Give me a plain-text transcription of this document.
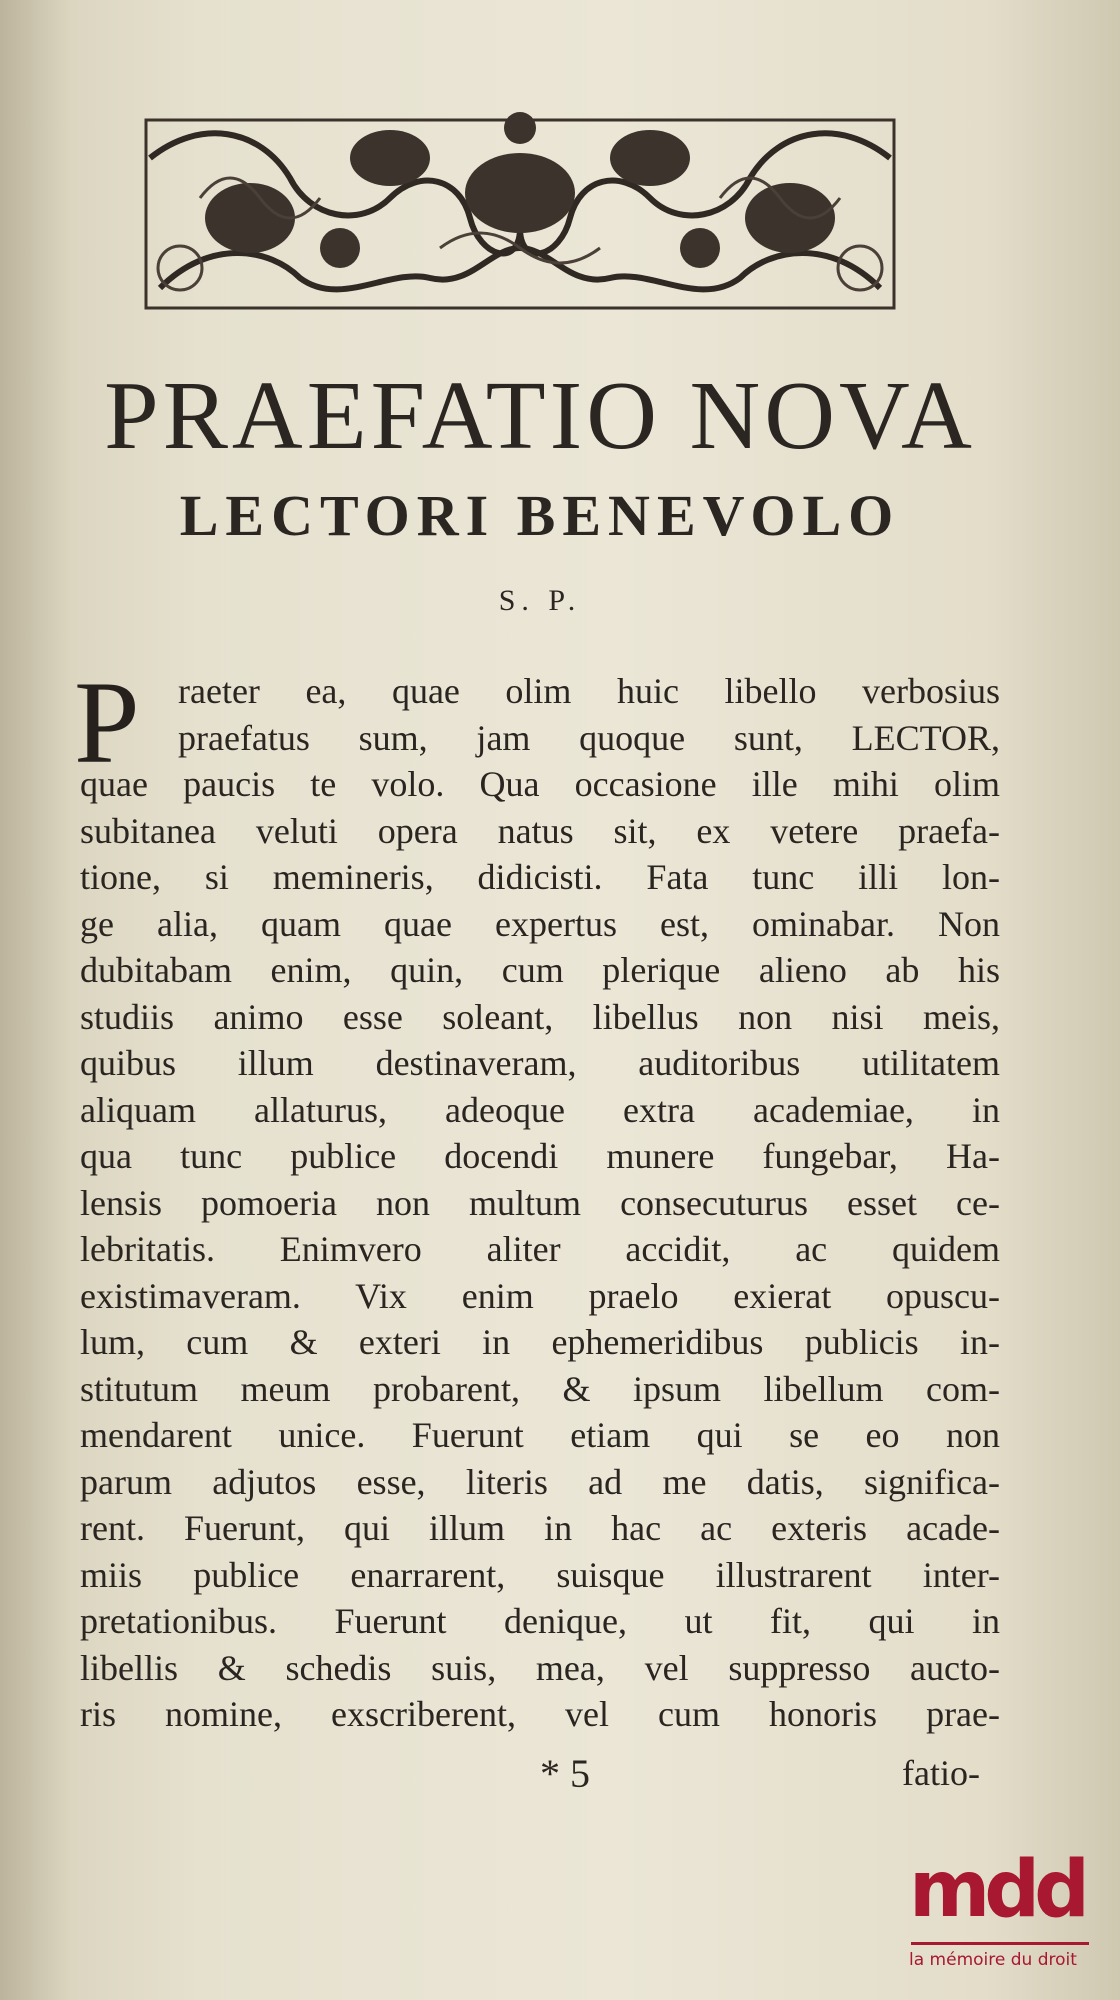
PRAEFATIO NOVA
LECTORI BENEVOLO
S. P.
P	raeter ea, quae olim huic libello verbosius
praefatus sum, jam quoque sunt, LECTOR,
quae paucis te volo. Qua occasione ille mihi olim
subitanea veluti opera natus sit, ex vetere praefa-
tione, si memineris, didicisti. Fata tunc illi lon-
ge alia, quam quae expertus est, ominabar. Non
dubitabam enim, quin, cum plerique alieno ab his
studiis animo esse soleant, libellus non nisi meis,
quibus illum destinaveram, auditoribus utilitatem
aliquam allaturus, adeoque extra academiae, in
qua tunc publice docendi munere fungebar, Ha-
lensis pomoeria non multum consecuturus esset ce-
lebritatis. Enimvero aliter accidit, ac quidem
existimaveram. Vix enim praelo exierat opuscu-
lum, cum & exteri in ephemeridibus publicis in-
stitutum meum probarent, & ipsum libellum com-
mendarent unice. Fuerunt etiam qui se eo non
parum adjutos esse, literis ad me datis, significa-
rent. Fuerunt, qui illum in hac ac exteris acade-
miis publice enarrarent, suisque illustrarent inter-
pretationibus. Fuerunt denique, ut fit, qui in
libellis & schedis suis, mea, vel suppresso aucto-
ris nomine, exscriberent, vel cum honoris prae-
* 5	fatio-
mdd
la mémoire du droit
